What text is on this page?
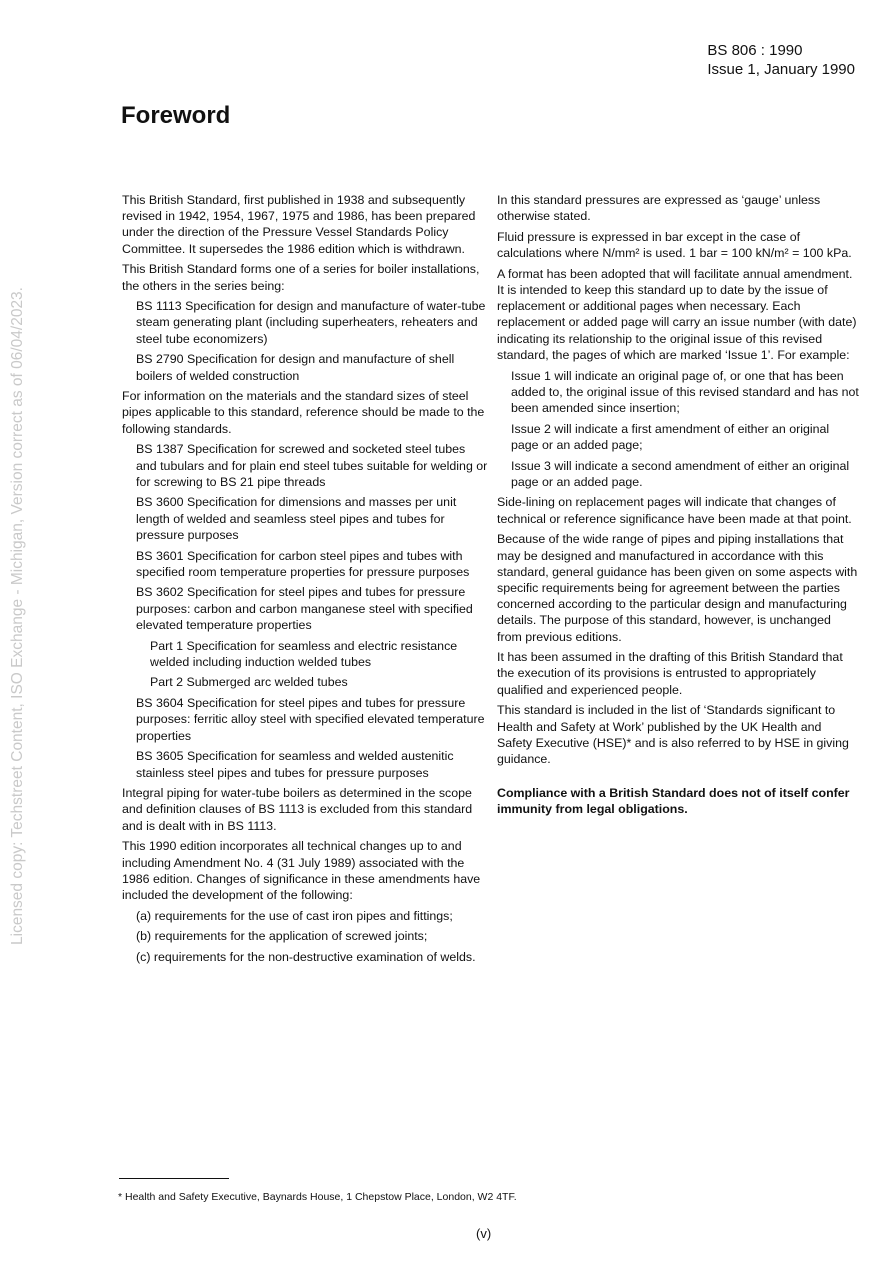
Licensed copy: Techstreet Content, ISO Exchange - Michigan, Version correct as of 06/04/2023.
BS 806 : 1990
Issue 1, January 1990
Foreword

This British Standard, first published in 1938 and subsequently revised in 1942, 1954, 1967, 1975 and 1986, has been prepared under the direction of the Pressure Vessel Standards Policy Committee. It supersedes the 1986 edition which is withdrawn.

This British Standard forms one of a series for boiler installations, the others in the series being:

BS 1113 Specification for design and manufacture of water-tube steam generating plant (including superheaters, reheaters and steel tube economizers)

BS 2790 Specification for design and manufacture of shell boilers of welded construction

For information on the materials and the standard sizes of steel pipes applicable to this standard, reference should be made to the following standards.

BS 1387 Specification for screwed and socketed steel tubes and tubulars and for plain end steel tubes suitable for welding or for screwing to BS 21 pipe threads

BS 3600 Specification for dimensions and masses per unit length of welded and seamless steel pipes and tubes for pressure purposes

BS 3601 Specification for carbon steel pipes and tubes with specified room temperature properties for pressure purposes

BS 3602 Specification for steel pipes and tubes for pressure purposes: carbon and carbon manganese steel with specified elevated temperature properties

Part 1 Specification for seamless and electric resistance welded including induction welded tubes

Part 2 Submerged arc welded tubes

BS 3604 Specification for steel pipes and tubes for pressure purposes: ferritic alloy steel with specified elevated temperature properties

BS 3605 Specification for seamless and welded austenitic stainless steel pipes and tubes for pressure purposes

Integral piping for water-tube boilers as determined in the scope and definition clauses of BS 1113 is excluded from this standard and is dealt with in BS 1113.

This 1990 edition incorporates all technical changes up to and including Amendment No. 4 (31 July 1989) associated with the 1986 edition. Changes of significance in these amendments have included the development of the following:

(a) requirements for the use of cast iron pipes and fittings;

(b) requirements for the application of screwed joints;

(c) requirements for the non-destructive examination of welds.

In this standard pressures are expressed as ‘gauge’ unless otherwise stated.

Fluid pressure is expressed in bar except in the case of calculations where N/mm² is used. 1 bar = 100 kN/m² = 100 kPa.

A format has been adopted that will facilitate annual amendment. It is intended to keep this standard up to date by the issue of replacement or additional pages when necessary. Each replacement or added page will carry an issue number (with date) indicating its relationship to the original issue of this revised standard, the pages of which are marked ‘Issue 1’. For example:

Issue 1 will indicate an original page of, or one that has been added to, the original issue of this revised standard and has not been amended since insertion;

Issue 2 will indicate a first amendment of either an original page or an added page;

Issue 3 will indicate a second amendment of either an original page or an added page.

Side-lining on replacement pages will indicate that changes of technical or reference significance have been made at that point.

Because of the wide range of pipes and piping installations that may be designed and manufactured in accordance with this standard, general guidance has been given on some aspects with specific requirements being for agreement between the parties concerned according to the particular design and manufacturing details. The purpose of this standard, however, is unchanged from previous editions.

It has been assumed in the drafting of this British Standard that the execution of its provisions is entrusted to appropriately qualified and experienced people.

This standard is included in the list of ‘Standards significant to Health and Safety at Work’ published by the UK Health and Safety Executive (HSE)* and is also referred to by HSE in giving guidance.

Compliance with a British Standard does not of itself confer immunity from legal obligations.

* Health and Safety Executive, Baynards House, 1 Chepstow Place, London, W2 4TF.
(v)
